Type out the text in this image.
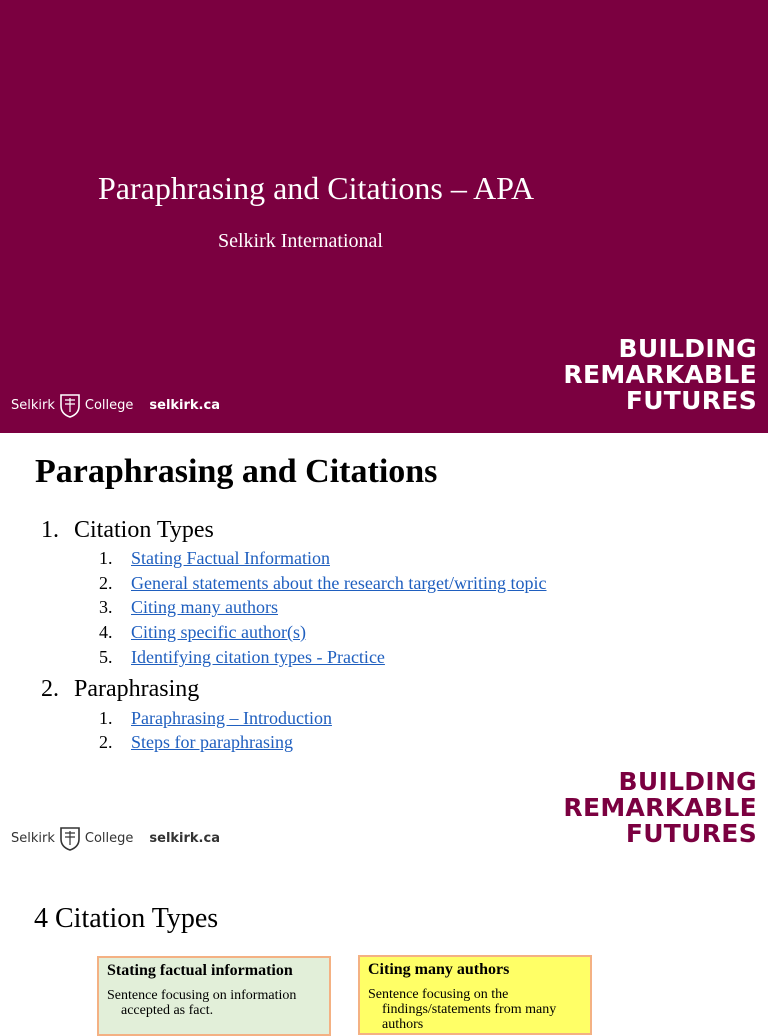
Paraphrasing and Citations – APA
Selkirk International
Selkirk College selkirk.ca
BUILDING
REMARKABLE
FUTURES
Paraphrasing and Citations
1. Citation Types
1. Stating Factual Information
2. General statements about the research target/writing topic
3. Citing many authors
4. Citing specific author(s)
5. Identifying citation types - Practice
2. Paraphrasing
1. Paraphrasing – Introduction
2. Steps for paraphrasing
Selkirk College selkirk.ca
BUILDING
REMARKABLE
FUTURES
4 Citation Types
Stating factual information
Sentence focusing on information accepted as fact.
Citing many authors
Sentence focusing on the findings/statements from many authors
